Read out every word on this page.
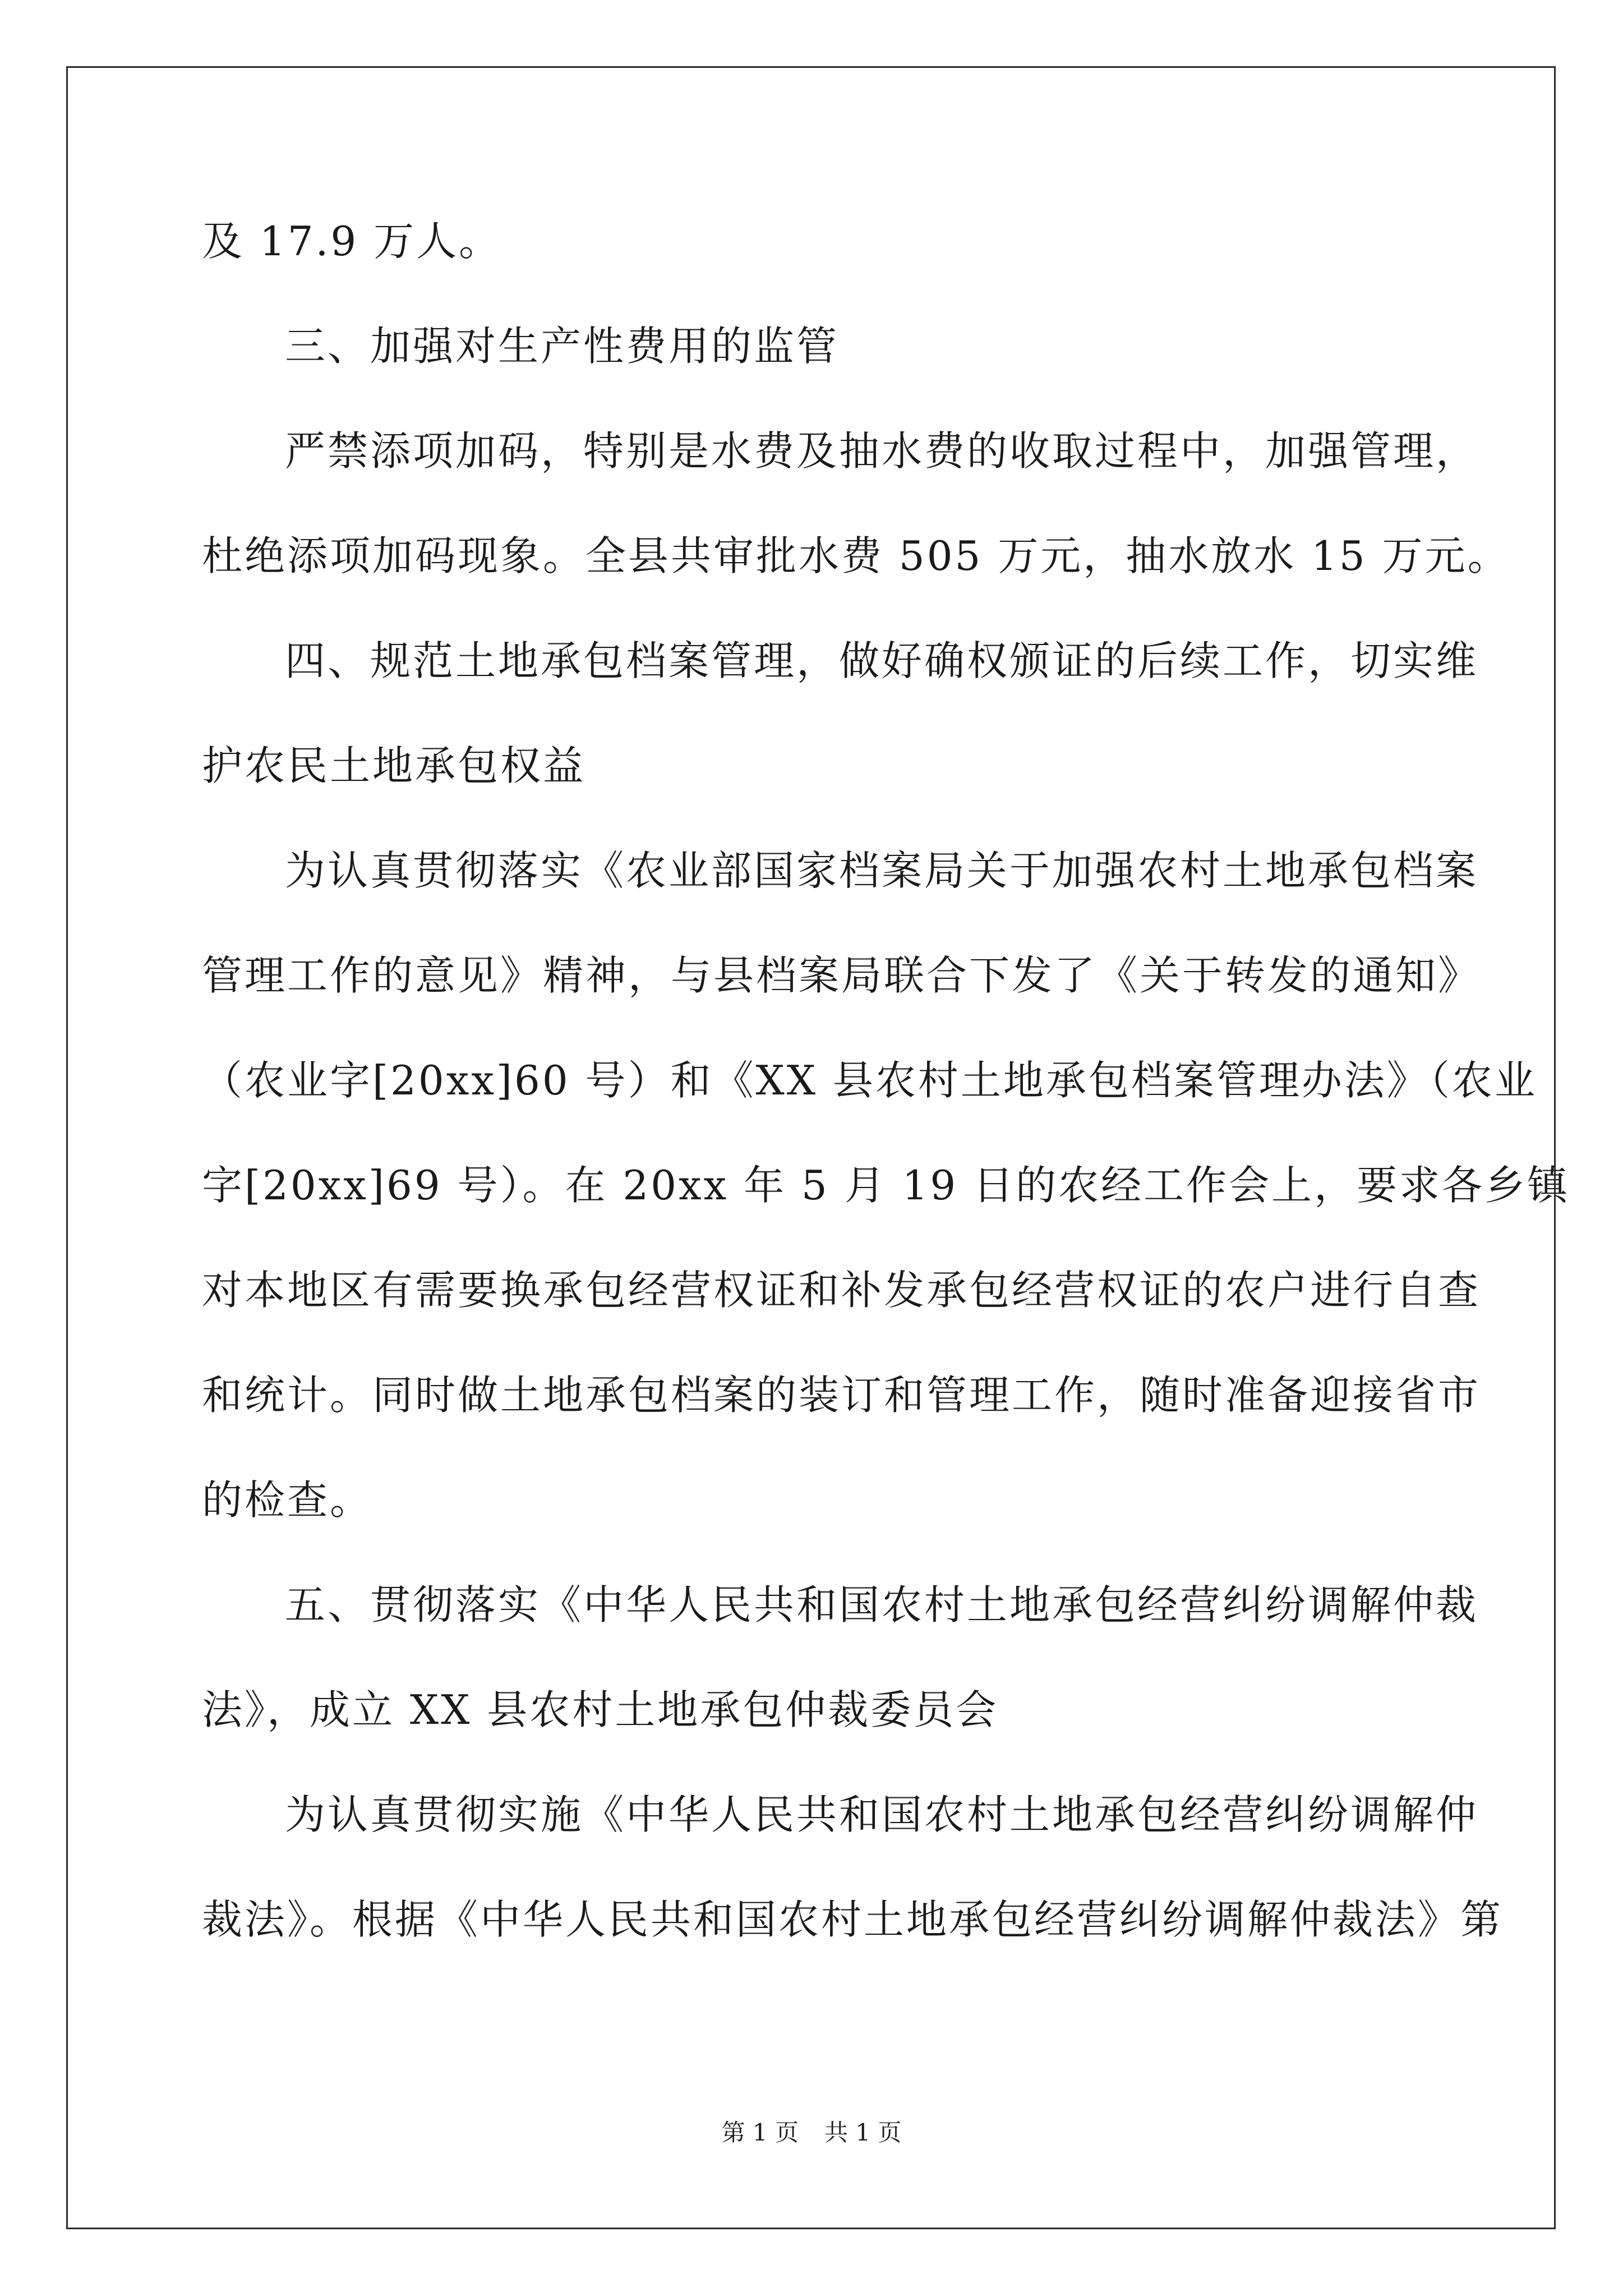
及 17.9 万人。
三、加强对生产性费用的监管
严禁添项加码，特别是水费及抽水费的收取过程中，加强管理，
杜绝添项加码现象。全县共审批水费 505 万元，抽水放水 15 万元。
四、规范土地承包档案管理，做好确权颁证的后续工作，切实维
护农民土地承包权益
为认真贯彻落实《农业部国家档案局关于加强农村土地承包档案
管理工作的意见》精神，与县档案局联合下发了《关于转发的通知》
（农业字[20xx]60 号）和《XX 县农村土地承包档案管理办法》（农业
字[20xx]69 号）。在 20xx 年 5 月 19 日的农经工作会上，要求各乡镇
对本地区有需要换承包经营权证和补发承包经营权证的农户进行自查
和统计。同时做土地承包档案的装订和管理工作，随时准备迎接省市
的检查。
五、贯彻落实《中华人民共和国农村土地承包经营纠纷调解仲裁
法》，成立 XX 县农村土地承包仲裁委员会
为认真贯彻实施《中华人民共和国农村土地承包经营纠纷调解仲
裁法》。根据《中华人民共和国农村土地承包经营纠纷调解仲裁法》第
第 1 页 共 1 页
